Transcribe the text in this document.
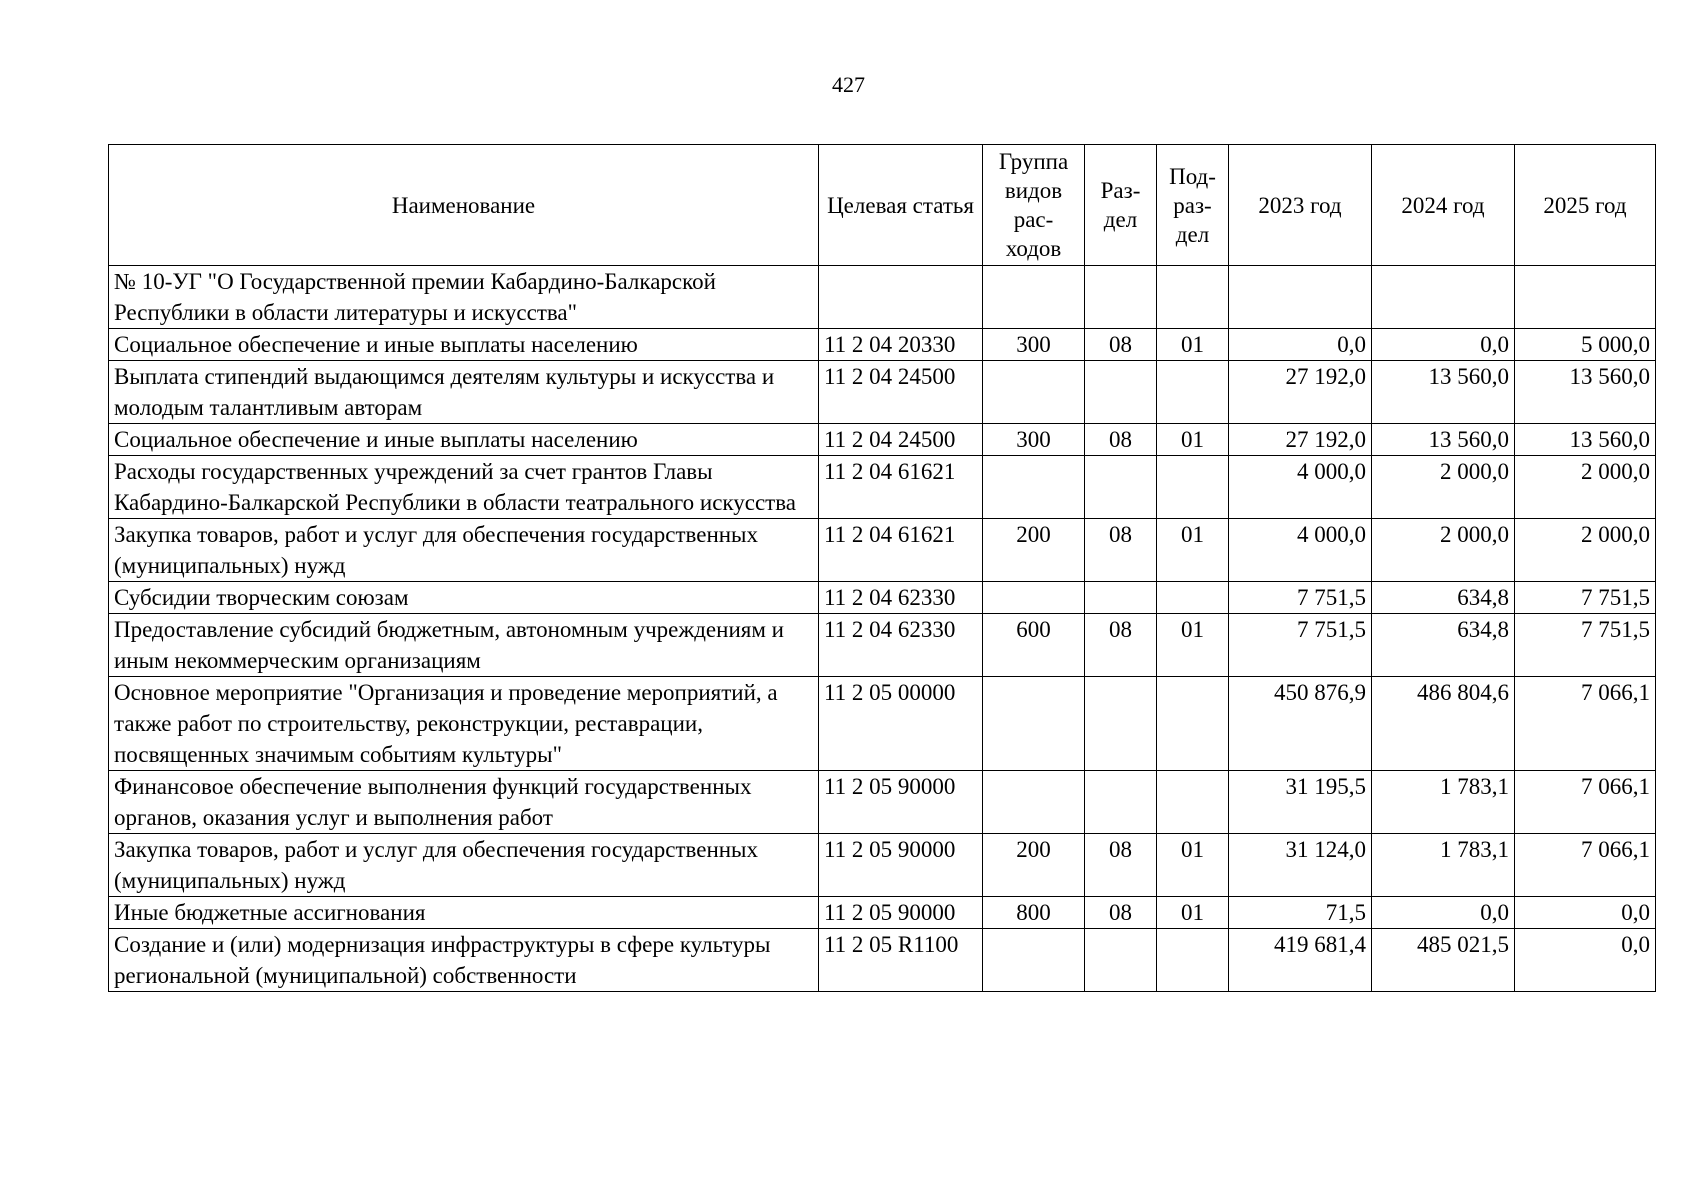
427
Наименование	Целевая статья	Группа видов рас-ходов	Раз-дел	Под-раз-дел	2023 год	2024 год	2025 год
№ 10-УГ "О Государственной премии Кабардино-Балкарской Республики в области литературы и искусства"							
Социальное обеспечение и иные выплаты населению	11 2 04 20330	300	08	01	0,0	0,0	5 000,0
Выплата стипендий выдающимся деятелям культуры и искусства и молодым талантливым авторам	11 2 04 24500				27 192,0	13 560,0	13 560,0
Социальное обеспечение и иные выплаты населению	11 2 04 24500	300	08	01	27 192,0	13 560,0	13 560,0
Расходы государственных учреждений за счет грантов Главы Кабардино-Балкарской Республики в области театрального искусства	11 2 04 61621				4 000,0	2 000,0	2 000,0
Закупка товаров, работ и услуг для обеспечения государственных (муниципальных) нужд	11 2 04 61621	200	08	01	4 000,0	2 000,0	2 000,0
Субсидии творческим союзам	11 2 04 62330				7 751,5	634,8	7 751,5
Предоставление субсидий бюджетным, автономным учреждениям и иным некоммерческим организациям	11 2 04 62330	600	08	01	7 751,5	634,8	7 751,5
Основное мероприятие "Организация и проведение мероприятий, а также работ по строительству, реконструкции, реставрации, посвященных значимым событиям культуры"	11 2 05 00000				450 876,9	486 804,6	7 066,1
Финансовое обеспечение выполнения функций государственных органов, оказания услуг и выполнения работ	11 2 05 90000				31 195,5	1 783,1	7 066,1
Закупка товаров, работ и услуг для обеспечения государственных (муниципальных) нужд	11 2 05 90000	200	08	01	31 124,0	1 783,1	7 066,1
Иные бюджетные ассигнования	11 2 05 90000	800	08	01	71,5	0,0	0,0
Создание и (или) модернизация инфраструктуры в сфере культуры региональной (муниципальной) собственности	11 2 05 R1100				419 681,4	485 021,5	0,0
